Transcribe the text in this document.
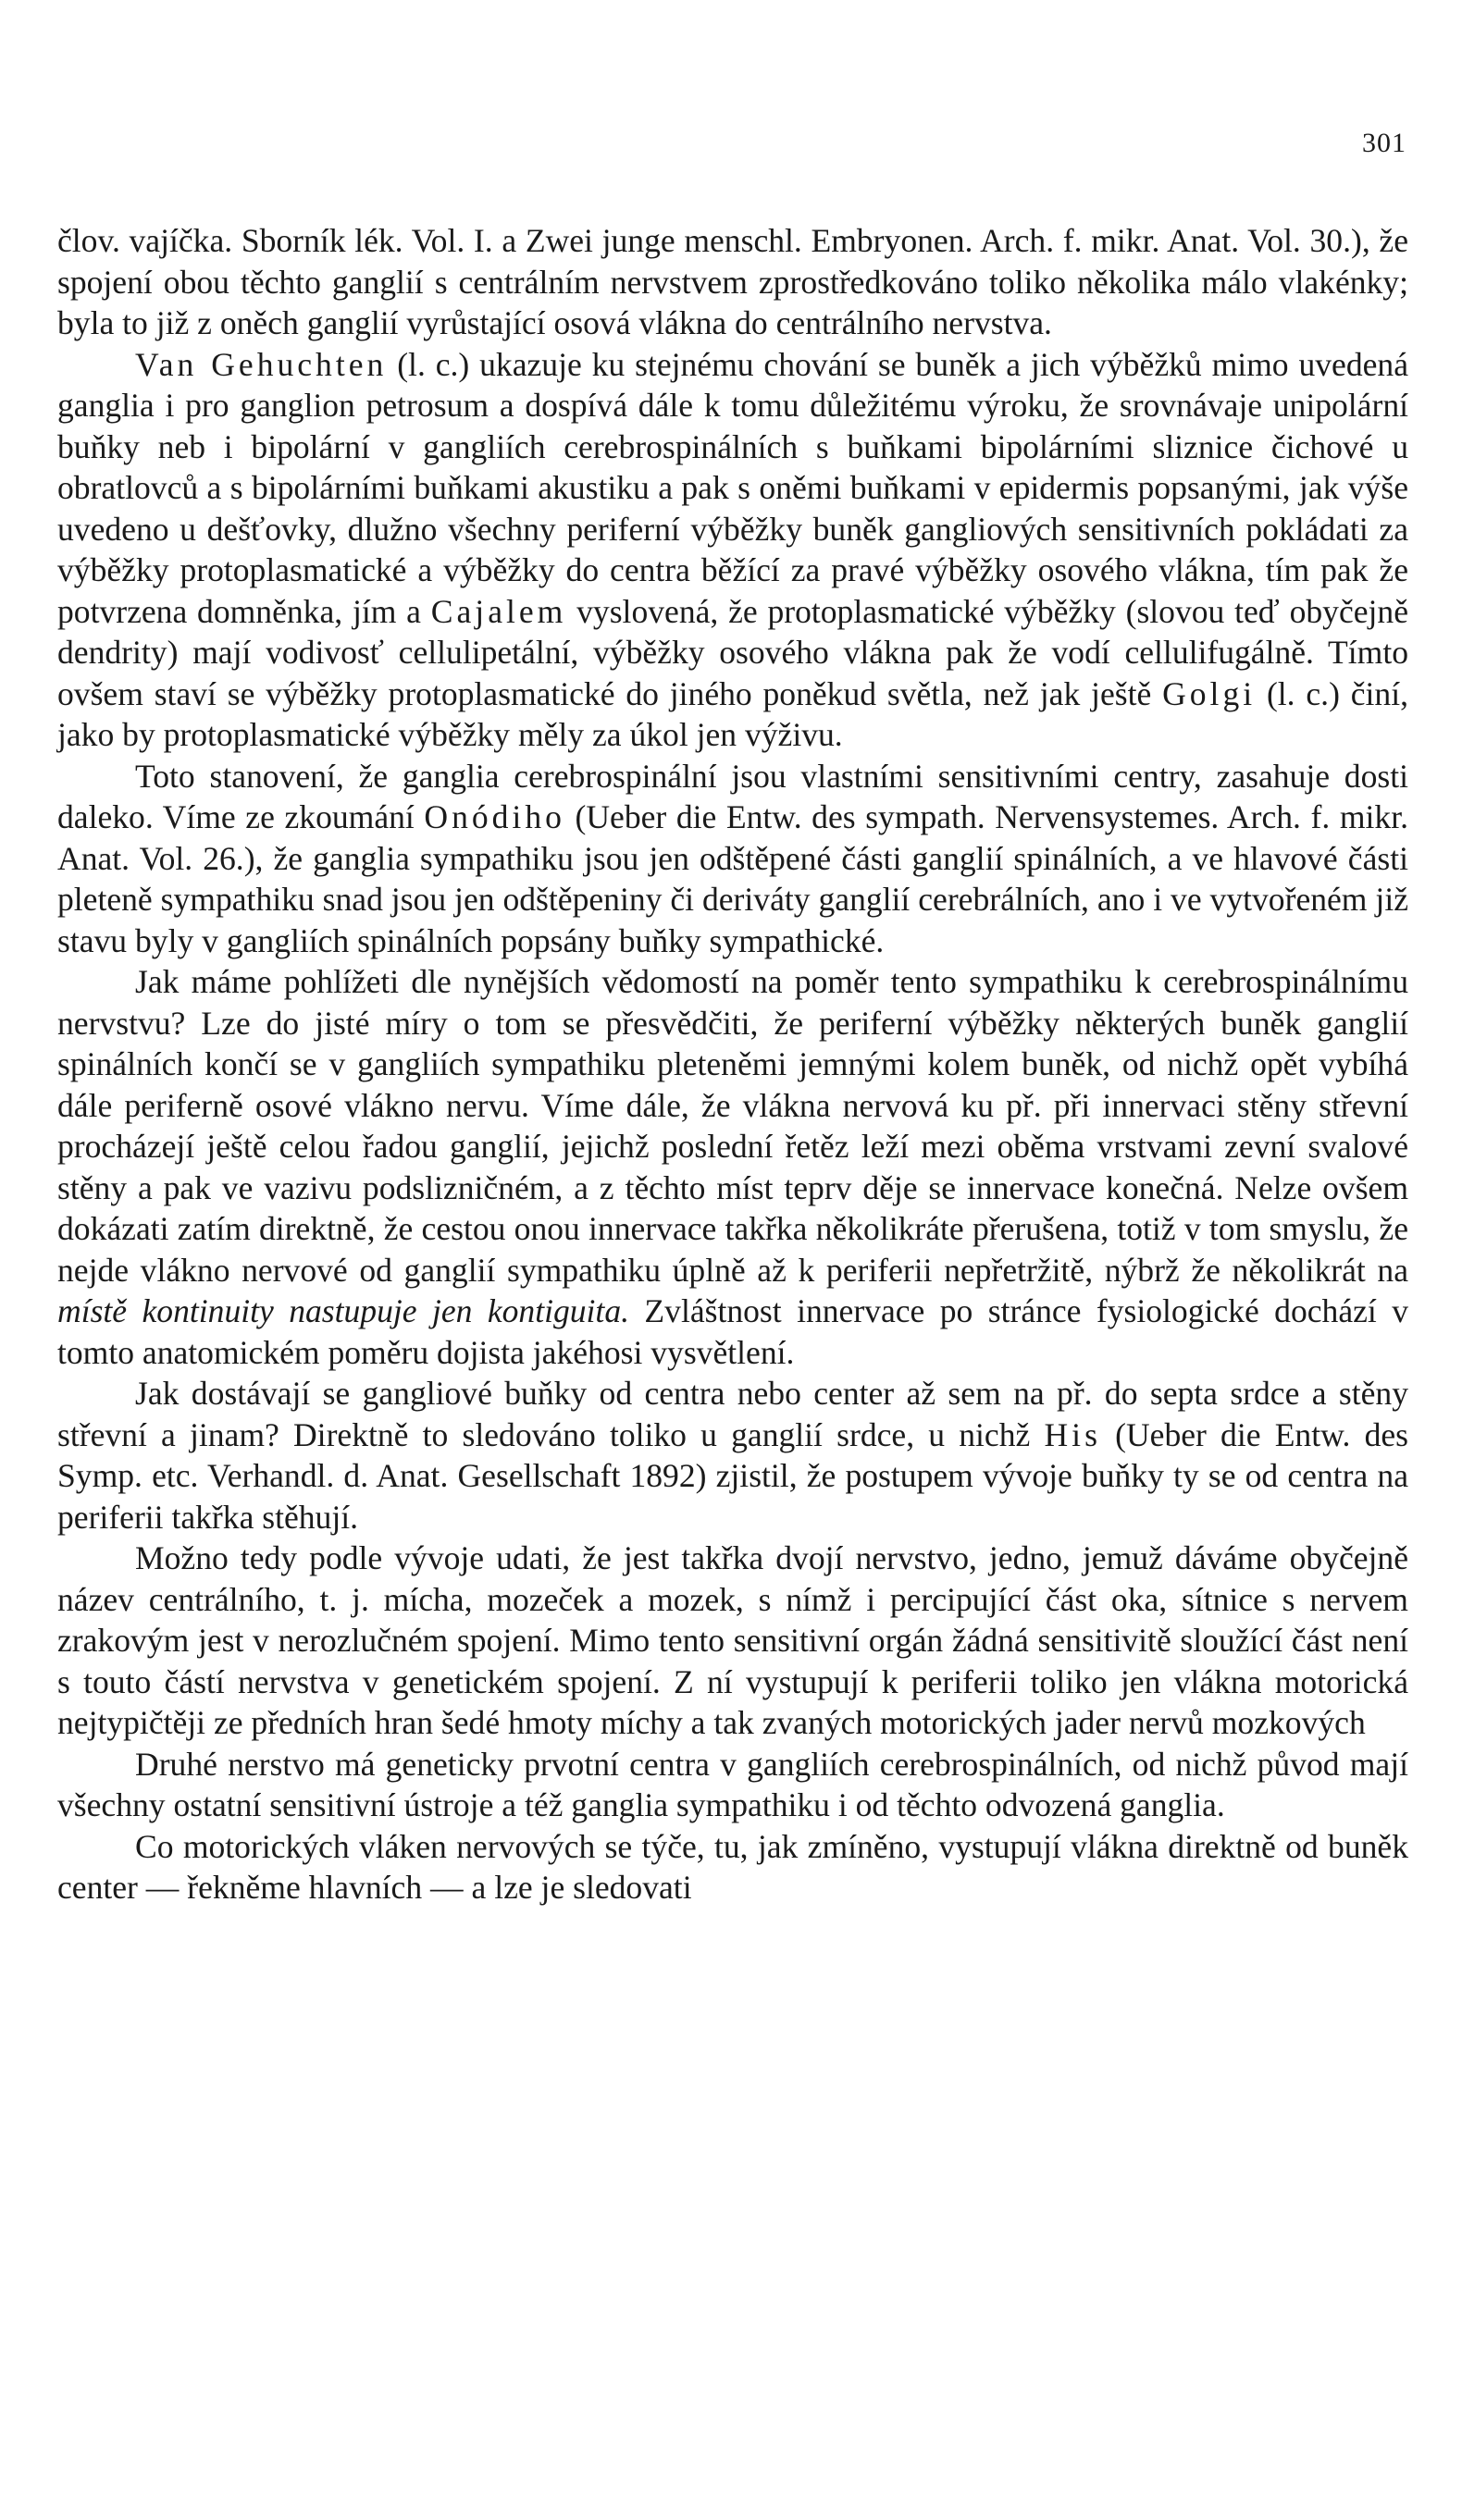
301

člov. vajíčka. Sborník lék. Vol. I. a Zwei junge menschl. Embryonen. Arch. f. mikr. Anat. Vol. 30.), že spojení obou těchto ganglií s centrálním nervstvem zprostředkováno toliko několika málo vlakénky; byla to již z oněch ganglií vyrůstající osová vlákna do centrálního nervstva.

Van Gehuchten (l. c.) ukazuje ku stejnému chování se buněk a jich výběžků mimo uvedená ganglia i pro ganglion petrosum a dospívá dále k tomu důležitému výroku, že srovnávaje unipolární buňky neb i bipolární v gangliích cerebrospinálních s buňkami bipolárními sliznice čichové u obratlovců a s bipolárními buňkami akustiku a pak s oněmi buňkami v epidermis popsanými, jak výše uvedeno u dešťovky, dlužno všechny periferní výběžky buněk gangliových sensitivních pokládati za výběžky protoplasmatické a výběžky do centra běžící za pravé výběžky osového vlákna, tím pak že potvrzena domněnka, jím a Cajalem vyslovená, že protoplasmatické výběžky (slovou teď obyčejně dendrity) mají vodivosť cellulipetální, výběžky osového vlákna pak že vodí cellulifugálně. Tímto ovšem staví se výběžky protoplasmatické do jiného poněkud světla, než jak ještě Golgi (l. c.) činí, jako by protoplasmatické výběžky měly za úkol jen výživu.

Toto stanovení, že ganglia cerebrospinální jsou vlastními sensitivními centry, zasahuje dosti daleko. Víme ze zkoumání Onódiho (Ueber die Entw. des sympath. Nervensystemes. Arch. f. mikr. Anat. Vol. 26.), že ganglia sympathiku jsou jen odštěpené části ganglií spinálních, a ve hlavové části pleteně sympathiku snad jsou jen odštěpeniny či deriváty ganglií cerebrálních, ano i ve vytvořeném již stavu byly v gangliích spinálních popsány buňky sympathické.

Jak máme pohlížeti dle nynějších vědomostí na poměr tento sympathiku k cerebrospinálnímu nervstvu? Lze do jisté míry o tom se přesvědčiti, že periferní výběžky některých buněk ganglií spinálních končí se v gangliích sympathiku pleteněmi jemnými kolem buněk, od nichž opět vybíhá dále periferně osové vlákno nervu. Víme dále, že vlákna nervová ku př. při innervaci stěny střevní procházejí ještě celou řadou ganglií, jejichž poslední řetěz leží mezi oběma vrstvami zevní svalové stěny a pak ve vazivu podslizničném, a z těchto míst teprv děje se innervace konečná. Nelze ovšem dokázati zatím direktně, že cestou onou innervace takřka několikráte přerušena, totiž v tom smyslu, že nejde vlákno nervové od ganglií sympathiku úplně až k periferii nepřetržitě, nýbrž že několikrát na místě kontinuity nastupuje jen kontiguita. Zvláštnost innervace po stránce fysiologické dochází v tomto anatomickém poměru dojista jakéhosi vysvětlení.

Jak dostávají se gangliové buňky od centra nebo center až sem na př. do septa srdce a stěny střevní a jinam? Direktně to sledováno toliko u ganglií srdce, u nichž His (Ueber die Entw. des Symp. etc. Verhandl. d. Anat. Gesellschaft 1892) zjistil, že postupem vývoje buňky ty se od centra na periferii takřka stěhují.

Možno tedy podle vývoje udati, že jest takřka dvojí nervstvo, jedno, jemuž dáváme obyčejně název centrálního, t. j. mícha, mozeček a mozek, s nímž i percipující část oka, sítnice s nervem zrakovým jest v nerozlučném spojení. Mimo tento sensitivní orgán žádná sensitivitě sloužící část není s touto částí nervstva v genetickém spojení. Z ní vystupují k periferii toliko jen vlákna motorická nejtypičtěji ze předních hran šedé hmoty míchy a tak zvaných motorických jader nervů mozkových

Druhé nerstvo má geneticky prvotní centra v gangliích cerebrospinálních, od nichž původ mají všechny ostatní sensitivní ústroje a též ganglia sympathiku i od těchto odvozená ganglia.

Co motorických vláken nervových se týče, tu, jak zmíněno, vystupují vlákna direktně od buněk center — řekněme hlavních — a lze je sledovati
